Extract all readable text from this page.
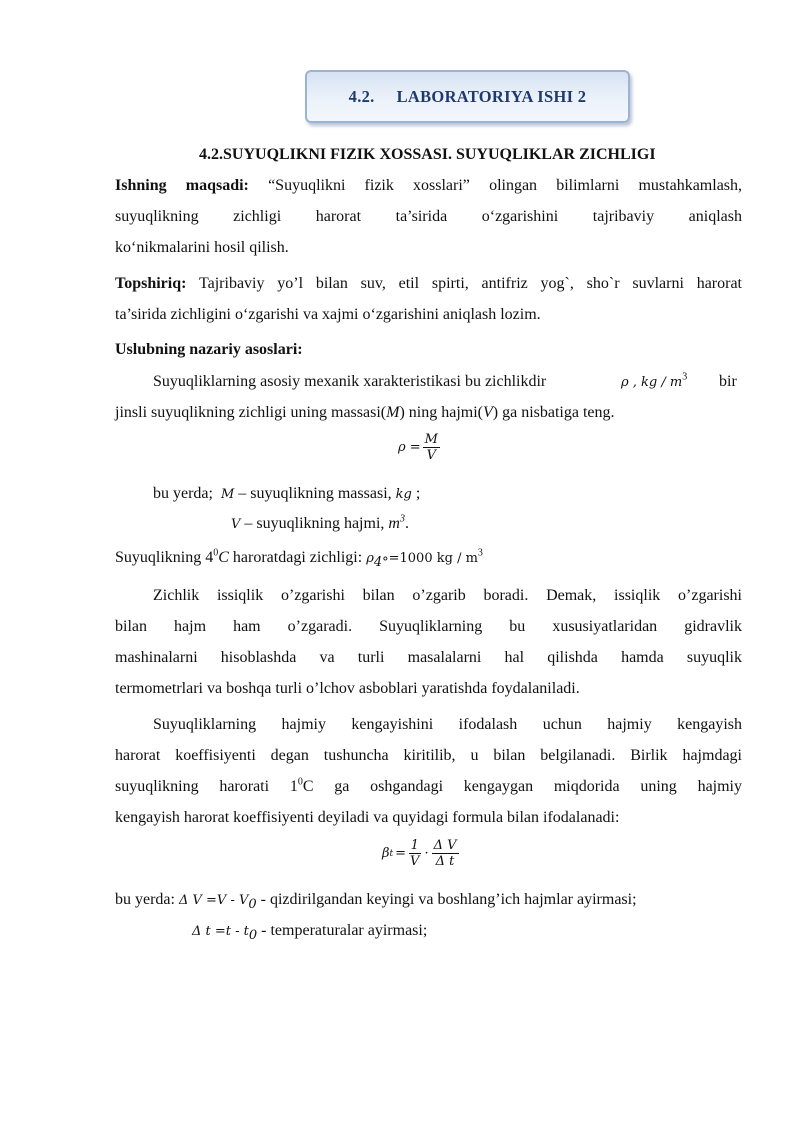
4.2. LABORATORIYA ISHI 2
4.2.SUYUQLIKNI FIZIK XOSSASI. SUYUQLIKLAR ZICHLIGI
Ishning maqsadi: “Suyuqlikni fizik xosslari” olingan bilimlarni mustahkamlash,
suyuqlikning zichligi harorat ta’sirida o‘zgarishini tajribaviy aniqlash
ko‘nikmalarini hosil qilish.
Topshiriq: Tajribaviy yo’l bilan suv, etil spirti, antifriz yog`, sho`r suvlarni harorat
ta’sirida zichligini o‘zgarishi va xajmi o‘zgarishini aniqlash lozim.
Uslubning nazariy asoslari:
Suyuqliklarning asosiy mexanik xarakteristikasi bu zichlikdir	ρ , kg / $m^3$ bir
jinsli suyuqlikning zichligi uning massasi(M) ning hajmi(V) ga nisbatiga teng.
$\rho = \frac{M}{V}$
bu yerda; M – suyuqlikning massasi, kg ;
V – suyuqlikning hajmi, $m^3$.
Suyuqlikning $4^0C$ haroratdagi zichligi: $\rho_{4^\circ}=1000$ kg / $m^3$
Zichlik issiqlik o’zgarishi bilan o’zgarib boradi. Demak, issiqlik o’zgarishi
bilan hajm ham o’zgaradi. Suyuqliklarning bu xususiyatlaridan gidravlik
mashinalarni hisoblashda va turli masalalarni hal qilishda hamda suyuqlik
termometrlari va boshqa turli o’lchov asboblari yaratishda foydalaniladi.
Suyuqliklarning hajmiy kengayishini ifodalash uchun hajmiy kengayish
harorat koeffisiyenti degan tushuncha kiritilib, u bilan belgilanadi. Birlik hajmdagi
suyuqlikning harorati $1^0C$ ga oshgandagi kengaygan miqdorida uning hajmiy
kengayish harorat koeffisiyenti deyiladi va quyidagi formula bilan ifodalanadi:
β $t = \frac{1}{V} \cdot \frac{\text{Δ V}}{\text{Δ t}}$
bu yerda: Δ $V =V - V_0$ - qizdirilgandan keyingi va boshlang’ich hajmlar ayirmasi;
Δ $t =t - t_0$ - temperaturalar ayirmasi;
